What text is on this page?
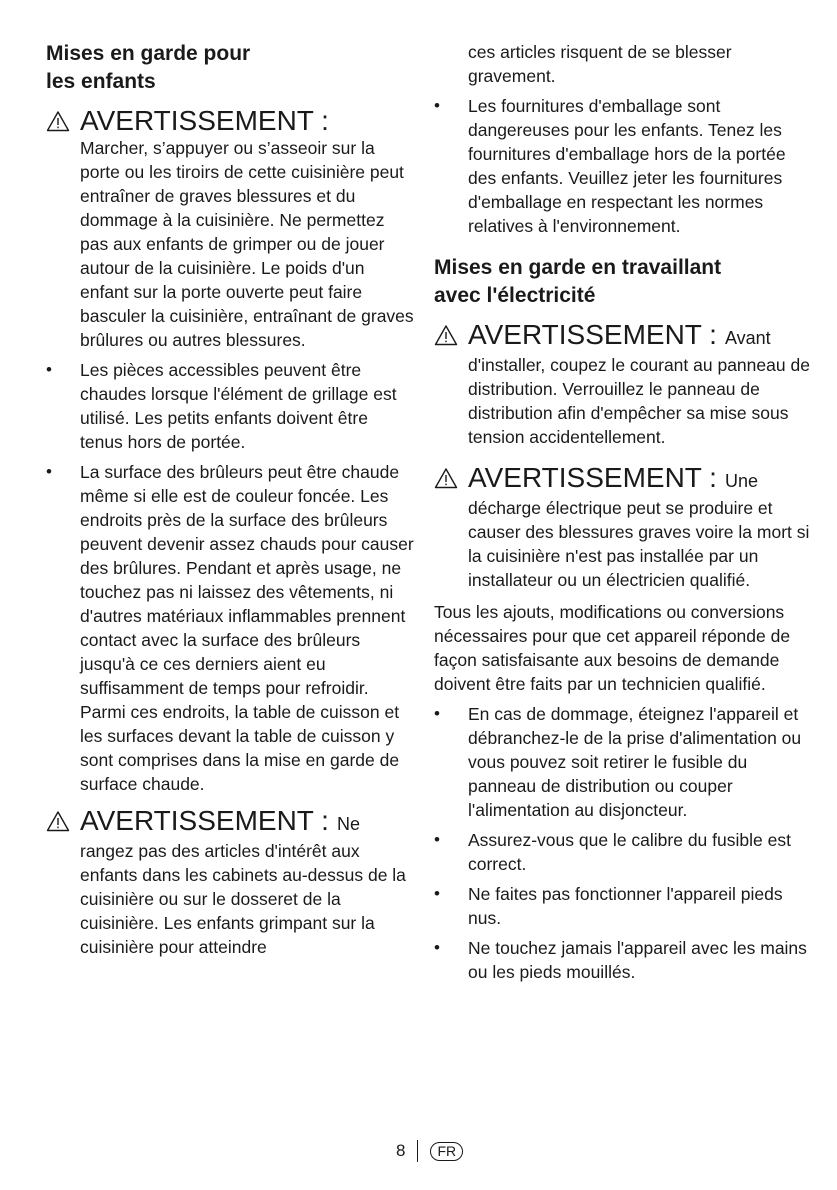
Mises en garde pour
les enfants
AVERTISSEMENT :
Marcher, s’appuyer ou s’asseoir sur la porte ou les tiroirs de cette cuisinière peut entraîner de graves blessures et du dommage à la cuisinière. Ne permettez pas aux enfants de grimper ou de jouer autour de la cuisinière. Le poids d'un enfant sur la porte ouverte peut faire basculer la cuisinière, entraînant de graves brûlures ou autres blessures.
• Les pièces accessibles peuvent être chaudes lorsque l'élément de grillage est utilisé. Les petits enfants doivent être tenus hors de portée.
• La surface des brûleurs peut être chaude même si elle est de couleur foncée. Les endroits près de la surface des brûleurs peuvent devenir assez chauds pour causer des brûlures. Pendant et après usage, ne touchez pas ni laissez des vêtements, ni d'autres matériaux inflammables prennent contact avec la surface des brûleurs jusqu'à ce ces derniers aient eu suffisamment de temps pour refroidir. Parmi ces endroits, la table de cuisson et les surfaces devant la table de cuisson y sont comprises dans la mise en garde de surface chaude.
AVERTISSEMENT : Ne
rangez pas des articles d'intérêt aux enfants dans les cabinets au-dessus de la cuisinière ou sur le dosseret de la cuisinière. Les enfants grimpant sur la cuisinière pour atteindre
ces articles risquent de se blesser gravement.
• Les fournitures d'emballage sont dangereuses pour les enfants. Tenez les fournitures d'emballage hors de la portée des enfants. Veuillez jeter les fournitures d'emballage en respectant les normes relatives à l'environnement.
Mises en garde en travaillant
avec l'électricité
AVERTISSEMENT : Avant
d'installer, coupez le courant au panneau de distribution. Verrouillez le panneau de distribution afin d'empêcher sa mise sous tension accidentellement.
AVERTISSEMENT : Une
décharge électrique peut se produire et causer des blessures graves voire la mort si la cuisinière n'est pas installée par un installateur ou un électricien qualifié.
Tous les ajouts, modifications ou conversions nécessaires pour que cet appareil réponde de façon satisfaisante aux besoins de demande doivent être faits par un technicien qualifié.
• En cas de dommage, éteignez l'appareil et débranchez-le de la prise d'alimentation ou vous pouvez soit retirer le fusible du panneau de distribution ou couper l'alimentation au disjoncteur.
• Assurez-vous que le calibre du fusible est correct.
• Ne faites pas fonctionner l'appareil pieds nus.
• Ne touchez jamais l'appareil avec les mains ou les pieds mouillés.
8	FR
